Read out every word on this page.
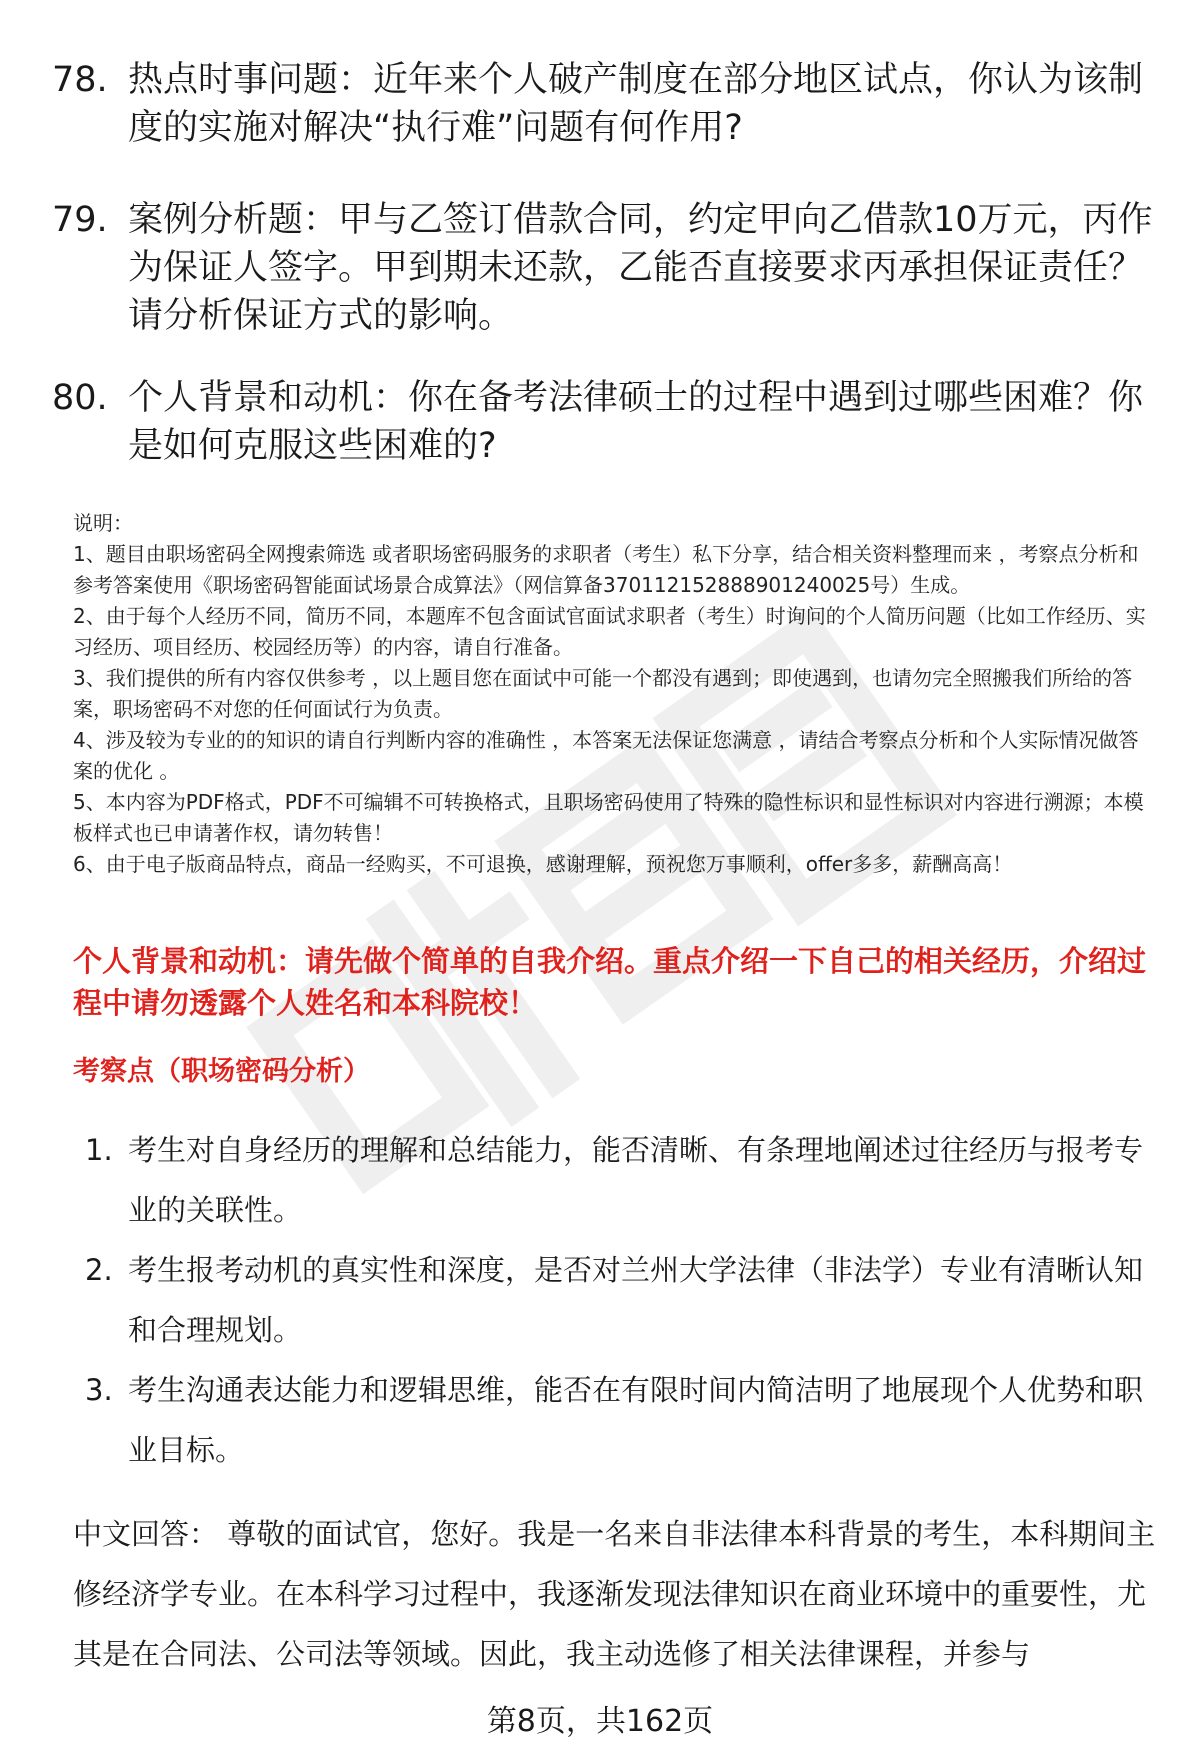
78. 热点时事问题：近年来个人破产制度在部分地区试点，你认为该制度的实施对解决“执行难”问题有何作用?
79. 案例分析题：甲与乙签订借款合同，约定甲向乙借款10万元，丙作为保证人签字。甲到期未还款，乙能否直接要求丙承担保证责任？请分析保证方式的影响。
80. 个人背景和动机：你在备考法律硕士的过程中遇到过哪些困难？你是如何克服这些困难的?

说明：

1、题目由职场密码全网搜索筛选 或者职场密码服务的求职者（考生）私下分享，结合相关资料整理而来 ，考察点分析和参考答案使用《职场密码智能面试场景合成算法》（网信算备370112152888901240025号）生成。

2、由于每个人经历不同，简历不同，本题库不包含面试官面试求职者（考生）时询问的个人简历问题（比如工作经历、实习经历、项目经历、校园经历等）的内容，请自行准备。

3、我们提供的所有内容仅供参考 ，以上题目您在面试中可能一个都没有遇到；即使遇到，也请勿完全照搬我们所给的答案，职场密码不对您的任何面试行为负责。

4、涉及较为专业的的知识的请自行判断内容的准确性 ，本答案无法保证您满意 ，请结合考察点分析和个人实际情况做答案的优化 。

5、本内容为PDF格式，PDF不可编辑不可转换格式，且职场密码使用了特殊的隐性标识和显性标识对内容进行溯源；本模板样式也已申请著作权，请勿转售！

6、由于电子版商品特点，商品一经购买，不可退换，感谢理解，预祝您万事顺利，offer多多，薪酬高高！

个人背景和动机：请先做个简单的自我介绍。重点介绍一下自己的相关经历，介绍过程中请勿透露个人姓名和本科院校！
考察点（职场密码分析）
1. 考生对自身经历的理解和总结能力，能否清晰、有条理地阐述过往经历与报考专业的关联性。
2. 考生报考动机的真实性和深度，是否对兰州大学法律（非法学）专业有清晰认知和合理规划。
3. 考生沟通表达能力和逻辑思维，能否在有限时间内简洁明了地展现个人优势和职业目标。
中文回答： 尊敬的面试官，您好。我是一名来自非法律本科背景的考生，本科期间主修经济学专业。在本科学习过程中，我逐渐发现法律知识在商业环境中的重要性，尤其是在合同法、公司法等领域。因此，我主动选修了相关法律课程，并参与
第8页，共162页
